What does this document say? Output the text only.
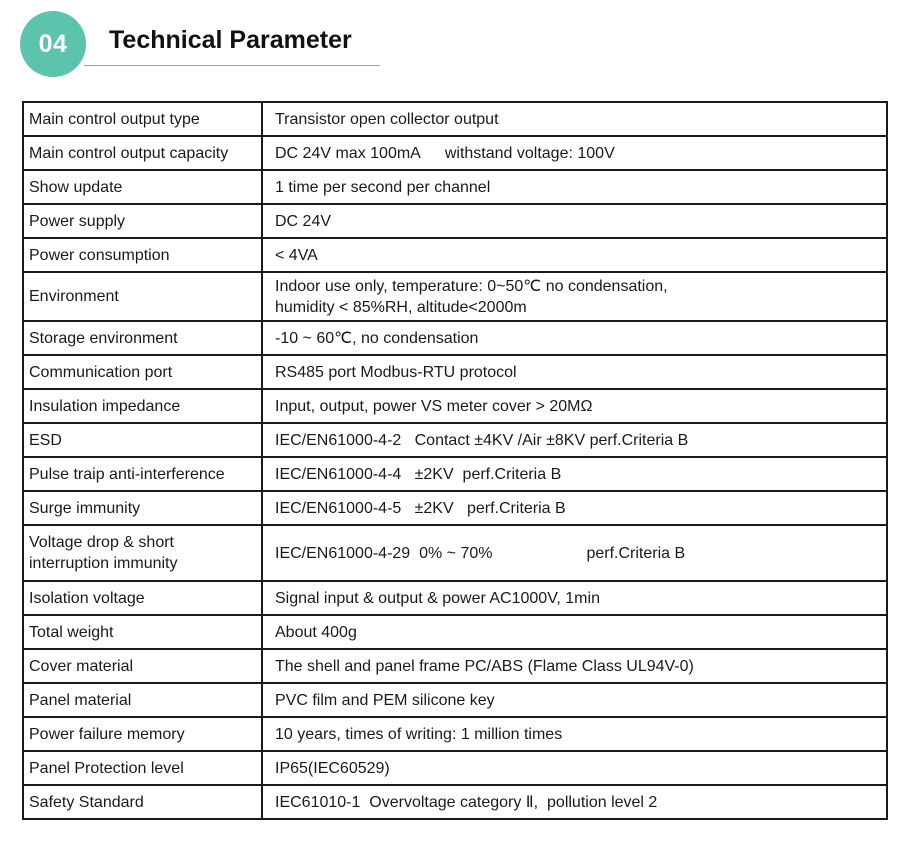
04	Technical Parameter
Main control output type	Transistor open collector output
Main control output capacity	DC 24V max 100mA withstand voltage: 100V
Show update	1 time per second per channel
Power supply	DC 24V
Power consumption	< 4VA
Environment	Indoor use only, temperature: 0~50℃ no condensation,
humidity < 85%RH, altitude<2000m

Storage environment	-10 ~ 60℃, no condensation
Communication port	RS485 port Modbus-RTU protocol
Insulation impedance	Input, output, power VS meter cover > 20MΩ
ESD	IEC/EN61000-4-2   Contact ±4KV /Air ±8KV perf.Criteria B
Pulse traip anti-interference	IEC/EN61000-4-4   ±2KV  perf.Criteria B
Surge immunity	IEC/EN61000-4-5   ±2KV   perf.Criteria B

Voltage drop & short
interruption immunity	IEC/EN61000-4-29  0% ~ 70% perf.Criteria B
Isolation voltage	Signal input & output & power AC1000V, 1min
Total weight	About 400g
Cover material	The shell and panel frame PC/ABS (Flame Class UL94V-0)
Panel material	PVC film and PEM silicone key
Power failure memory	10 years, times of writing: 1 million times
Panel Protection level	IP65(IEC60529)
Safety Standard	IEC61010-1  Overvoltage category Ⅱ,  pollution level 2
